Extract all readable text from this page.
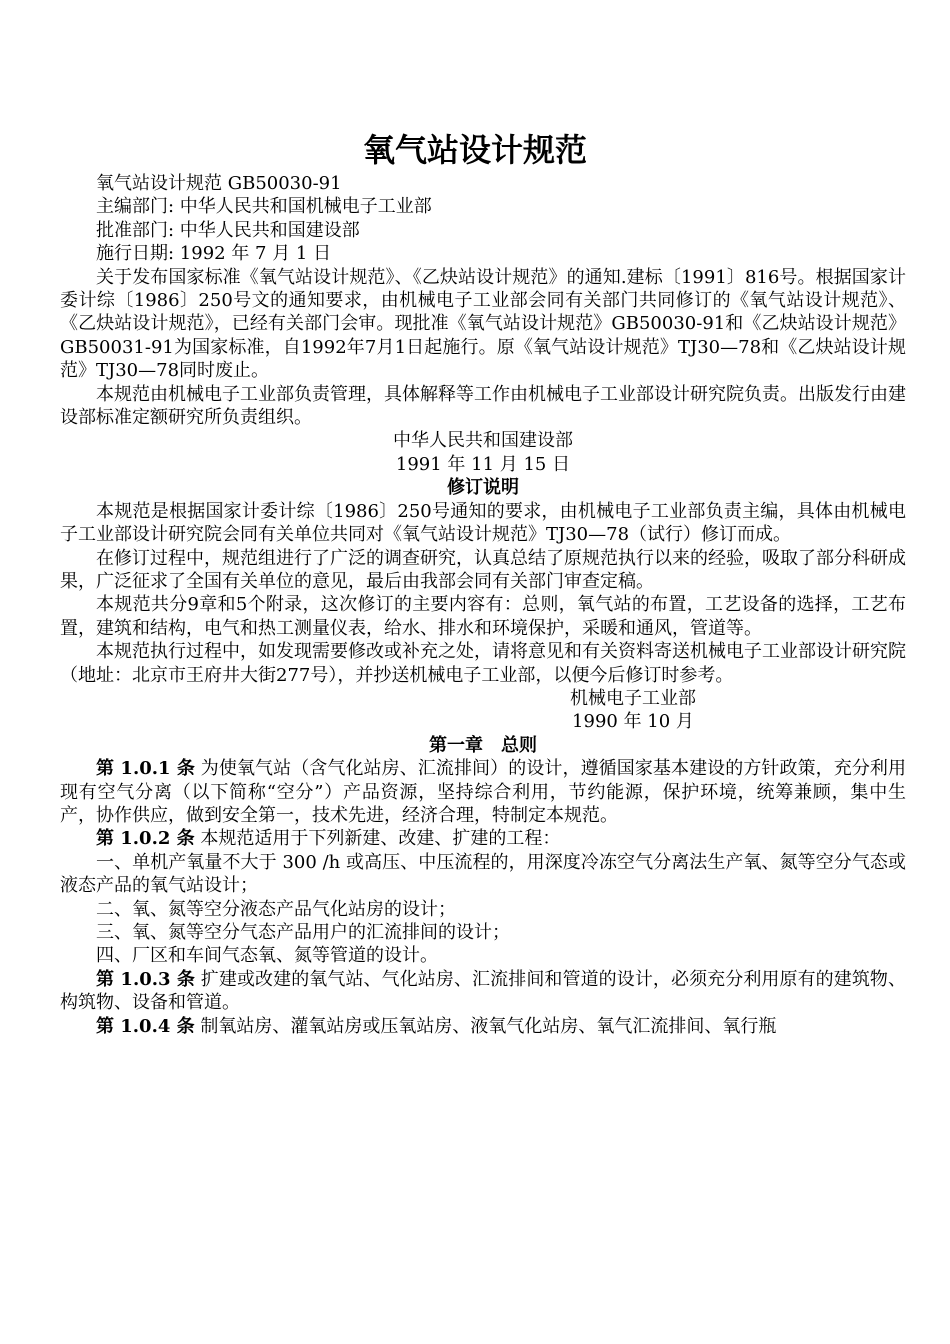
氧气站设计规范

氧气站设计规范 GB50030-91

主编部门: 中华人民共和国机械电子工业部

批准部门: 中华人民共和国建设部

施行日期: 1992 年 7 月 1 日

关于发布国家标准《氧气站设计规范》、《乙炔站设计规范》的通知.建标〔1991〕816号。根据国家计委计综〔1986〕250号文的通知要求，由机械电子工业部会同有关部门共同修订的《氧气站设计规范》、《乙炔站设计规范》，已经有关部门会审。现批准《氧气站设计规范》GB50030-91和《乙炔站设计规范》GB50031-91为国家标准，自1992年7月1日起施行。原《氧气站设计规范》TJ30—78和《乙炔站设计规范》TJ30—78同时废止。

本规范由机械电子工业部负责管理，具体解释等工作由机械电子工业部设计研究院负责。出版发行由建设部标准定额研究所负责组织。

中华人民共和国建设部

1991 年 11 月 15 日

修订说明

本规范是根据国家计委计综〔1986〕250号通知的要求，由机械电子工业部负责主编，具体由机械电子工业部设计研究院会同有关单位共同对《氧气站设计规范》TJ30—78（试行）修订而成。

在修订过程中，规范组进行了广泛的调查研究，认真总结了原规范执行以来的经验，吸取了部分科研成果，广泛征求了全国有关单位的意见，最后由我部会同有关部门审查定稿。

本规范共分9章和5个附录，这次修订的主要内容有：总则，氧气站的布置，工艺设备的选择，工艺布置，建筑和结构，电气和热工测量仪表，给水、排水和环境保护，采暖和通风，管道等。

本规范执行过程中，如发现需要修改或补充之处，请将意见和有关资料寄送机械电子工业部设计研究院（地址：北京市王府井大街277号），并抄送机械电子工业部，以便今后修订时参考。

机械电子工业部

1990 年 10 月

第一章　总则

第 1.0.1 条 为使氧气站（含气化站房、汇流排间）的设计，遵循国家基本建设的方针政策，充分利用现有空气分离（以下简称“空分”）产品资源，坚持综合利用，节约能源，保护环境，统筹兼顾，集中生产，协作供应，做到安全第一，技术先进，经济合理，特制定本规范。

第 1.0.2 条 本规范适用于下列新建、改建、扩建的工程：

一、单机产氧量不大于 300 /h 或高压、中压流程的，用深度冷冻空气分离法生产氧、氮等空分气态或液态产品的氧气站设计；

二、氧、氮等空分液态产品气化站房的设计；

三、氧、氮等空分气态产品用户的汇流排间的设计；

四、厂区和车间气态氧、氮等管道的设计。

第 1.0.3 条 扩建或改建的氧气站、气化站房、汇流排间和管道的设计，必须充分利用原有的建筑物、构筑物、设备和管道。

第 1.0.4 条 制氧站房、灌氧站房或压氧站房、液氧气化站房、氧气汇流排间、氧行瓶
